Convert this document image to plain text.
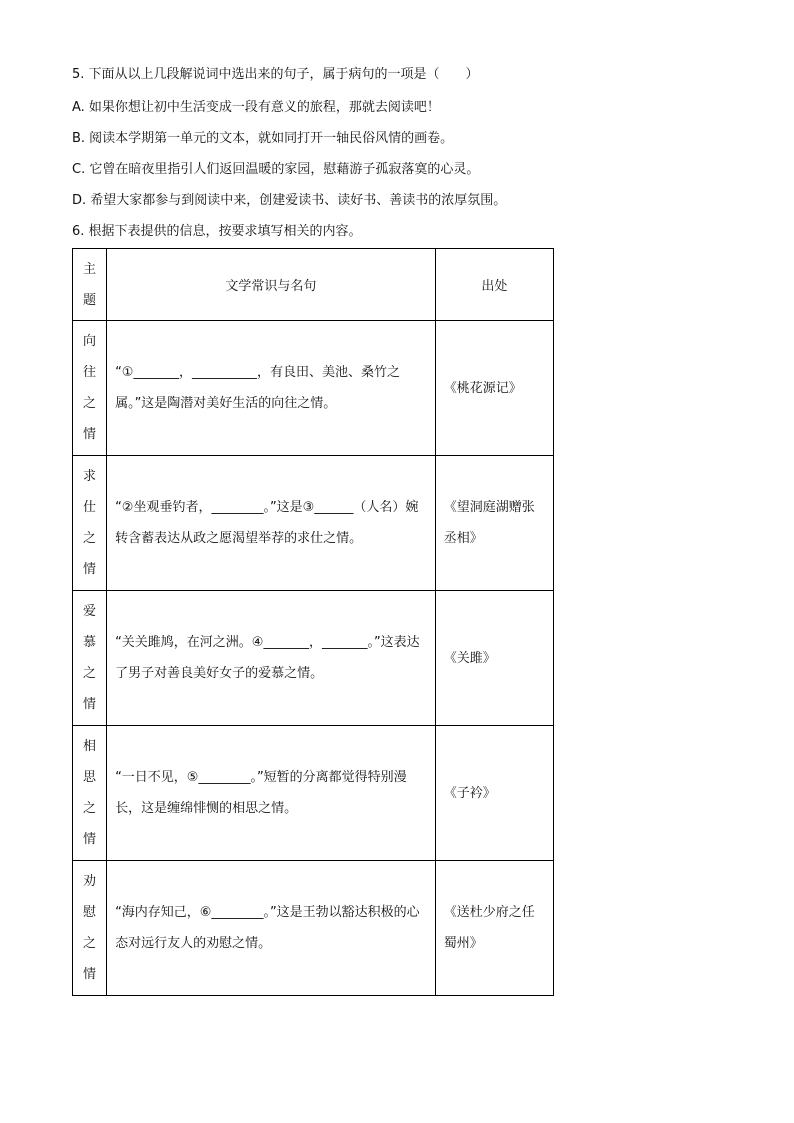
5. 下面从以上几段解说词中选出来的句子，属于病句的一项是（　　）
A. 如果你想让初中生活变成一段有意义的旅程，那就去阅读吧！
B. 阅读本学期第一单元的文本，就如同打开一轴民俗风情的画卷。
C. 它曾在暗夜里指引人们返回温暖的家园，慰藉游子孤寂落寞的心灵。
D. 希望大家都参与到阅读中来，创建爱读书、读好书、善读书的浓厚氛围。
6. 根据下表提供的信息，按要求填写相关的内容。
主
题	文学常识与名句	出处

向
往
之
情	“①_______，__________，有良田、美池、桑竹之属。”这是陶潜对美好生活的向往之情。	《桃花源记》

求
仕
之
情	“②坐观垂钓者，________。”这是③______（人名）婉转含蓄表达从政之愿渴望举荐的求仕之情。	《望洞庭湖赠张丞相》

爱
慕
之
情	“关关雎鸠，在河之洲。④_______，_______。”这表达了男子对善良美好女子的爱慕之情。	《关雎》

相
思
之
情	“一日不见，⑤________。”短暂的分离都觉得特别漫长，这是缠绵悱恻的相思之情。	《子衿》

劝
慰
之
情	“海内存知己，⑥________。”这是王勃以豁达积极的心态对远行友人的劝慰之情。	《送杜少府之任蜀州》
